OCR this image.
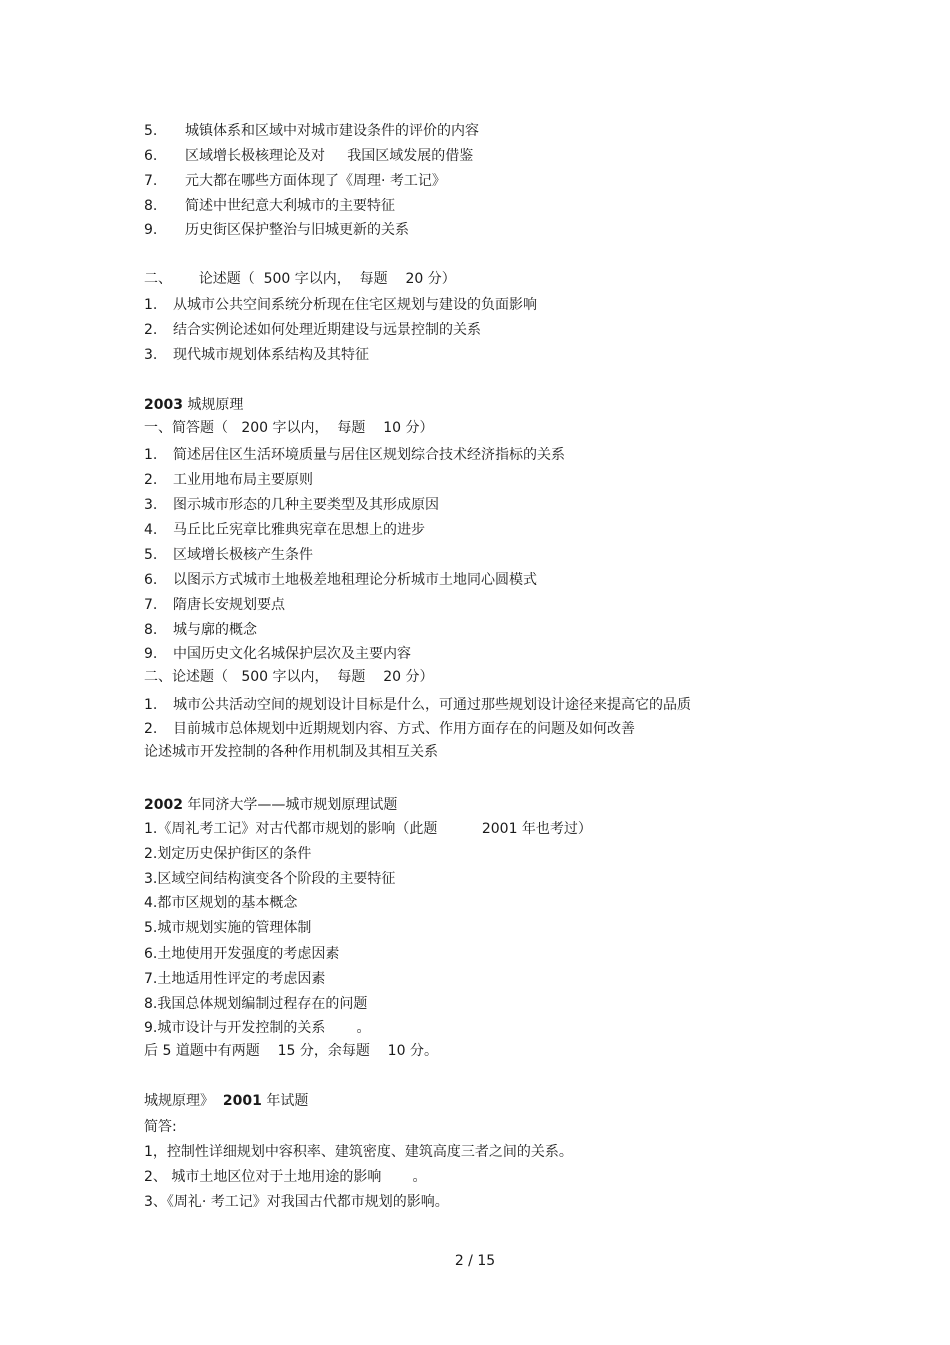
5. 城镇体系和区域中对城市建设条件的评价的内容

6. 区域增长极核理论及对     我国区域发展的借鉴

7. 元大都在哪些方面体现了《周理· 考工记》

8. 简述中世纪意大利城市的主要特征

9. 历史街区保护整治与旧城更新的关系

二、      论述题（  500 字以内，  每题    20 分）

1. 从城市公共空间系统分析现在住宅区规划与建设的负面影响

2. 结合实例论述如何处理近期建设与远景控制的关系

3. 现代城市规划体系结构及其特征

2003 城规原理

一、简答题（   200 字以内，  每题    10 分）

1. 简述居住区生活环境质量与居住区规划综合技术经济指标的关系

2. 工业用地布局主要原则

3. 图示城市形态的几种主要类型及其形成原因

4. 马丘比丘宪章比雅典宪章在思想上的进步

5. 区域增长极核产生条件

6. 以图示方式城市土地极差地租理论分析城市土地同心圆模式

7. 隋唐长安规划要点

8. 城与廓的概念

9. 中国历史文化名城保护层次及主要内容

二、论述题（   500 字以内，  每题    20 分）

1. 城市公共活动空间的规划设计目标是什么，可通过那些规划设计途径来提高它的品质

2. 目前城市总体规划中近期规划内容、方式、作用方面存在的问题及如何改善

论述城市开发控制的各种作用机制及其相互关系

2002 年同济大学——城市规划原理试题

1.《周礼考工记》对古代都市规划的影响（此题          2001 年也考过）

2.划定历史保护街区的条件

3.区域空间结构演变各个阶段的主要特征

4.都市区规划的基本概念

5.城市规划实施的管理体制

6.土地使用开发强度的考虑因素

7.土地适用性评定的考虑因素

8.我国总体规划编制过程存在的问题

9.城市设计与开发控制的关系       。

后 5 道题中有两题    15 分，余每题    10 分。

城规原理》  2001 年试题

简答:

1，控制性详细规划中容积率、建筑密度、建筑高度三者之间的关系。

2、 城市土地区位对于土地用途的影响       。

3、《周礼· 考工记》对我国古代都市规划的影响。

2 / 15
